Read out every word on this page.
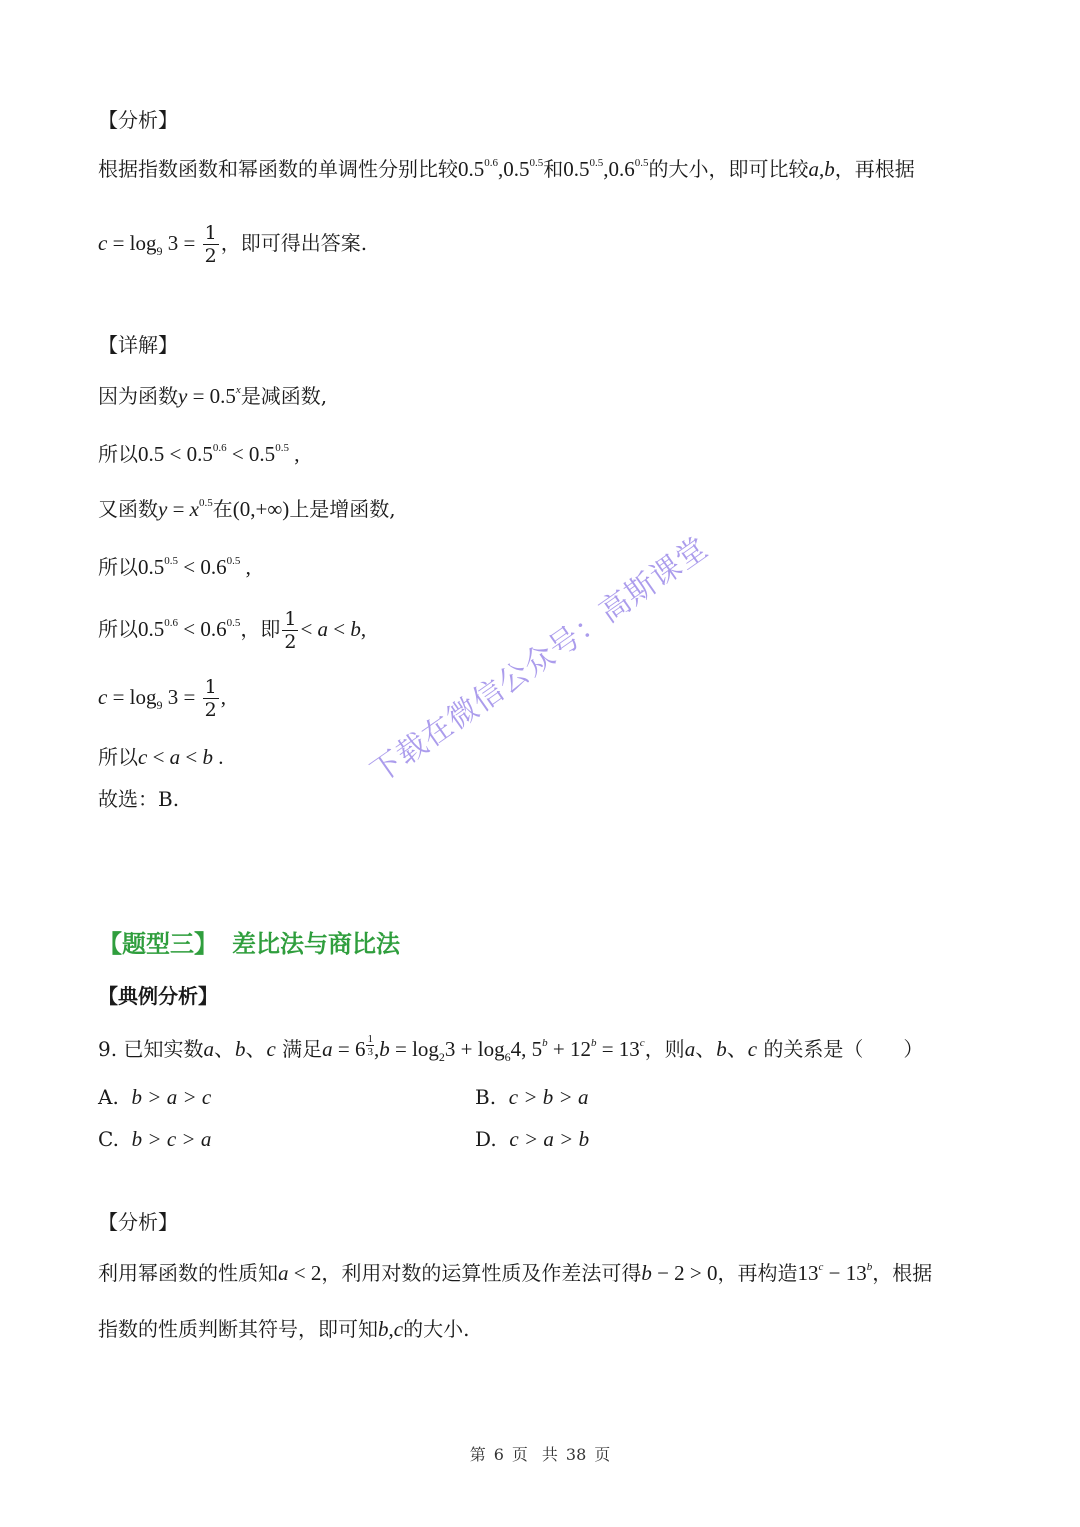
【分析】
根据指数函数和幂函数的单调性分别比较$0.5^{0.6},0.5^{0.5}$和$0.5^{0.5},0.6^{0.5}$的大小，即可比较a,b，再根据
$c = \log_9 3 = \frac{1}{2}$ ，即可得出答案.
【详解】
因为函数$y = 0.5^x$是减函数,
所以$0.5 < 0.5^{0.6} < 0.5^{0.5}$ ,
又函数$y = x^{0.5}$在(0,+∞)上是增函数,
所以$0.5^{0.5} < 0.6^{0.5}$ ,
所以$0.5^{0.6} < 0.6^{0.5}$，即 $\frac{1}{2} < a < b$,
$c = \log_9 3 = \frac{1}{2}$ ,
所以c < a < b .
故选：B.
下载在微信公众号：高斯课堂
【题型三】 差比法与商比法
【典例分析】
9. 已知实数a、b、c 满足$a = 6 \frac{1}{3} ,b = \log_23 + \log_64$, $5^b + 12^b = 13^c$，则a、b、c 的关系是（　　）
A. b > a > c	B. c > b > a
C. b > c > a	D. c > a > b
【分析】
利用幂函数的性质知a < 2，利用对数的运算性质及作差法可得b − 2 > 0，再构造$13^c - 13^b$，根据
指数的性质判断其符号，即可知b,c的大小.
第 6 页 共 38 页
